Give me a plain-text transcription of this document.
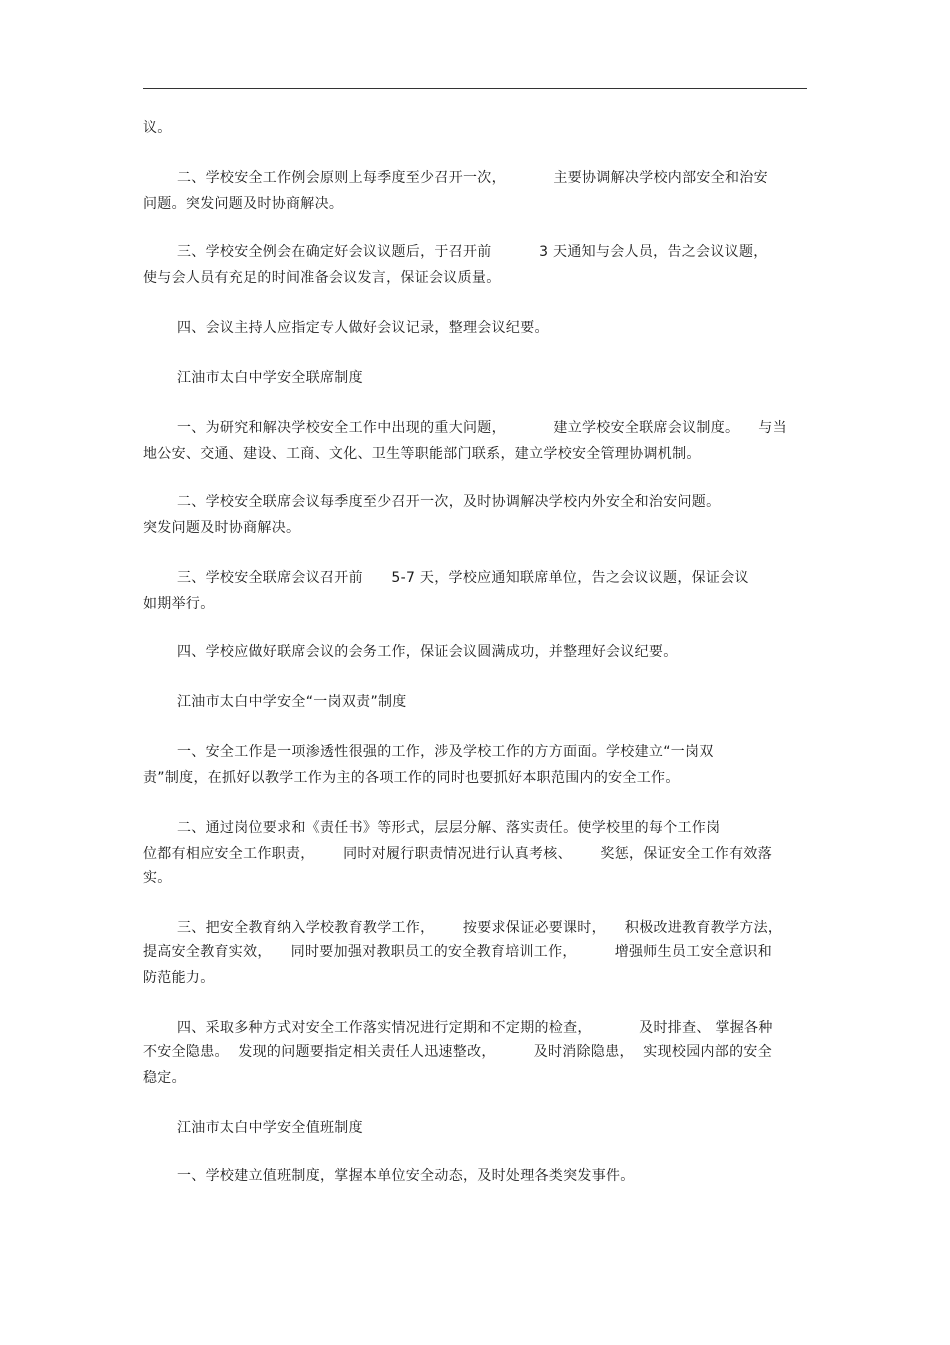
议。
二、学校安全工作例会原则上每季度至少召开一次，          主要协调解决学校内部安全和治安
问题。突发问题及时协商解决。
三、学校安全例会在确定好会议议题后，于召开前          3 天通知与会人员，告之会议议题，
使与会人员有充足的时间准备会议发言，保证会议质量。
四、会议主持人应指定专人做好会议记录，整理会议纪要。
江油市太白中学安全联席制度
一、为研究和解决学校安全工作中出现的重大问题，          建立学校安全联席会议制度。    与当
地公安、交通、建设、工商、文化、卫生等职能部门联系，建立学校安全管理协调机制。
二、学校安全联席会议每季度至少召开一次，及时协调解决学校内外安全和治安问题。
突发问题及时协商解决。
三、学校安全联席会议召开前      5-7 天，学校应通知联席单位，告之会议议题，保证会议
如期举行。
四、学校应做好联席会议的会务工作，保证会议圆满成功，并整理好会议纪要。
江油市太白中学安全“一岗双责”制度
一、安全工作是一项渗透性很强的工作，涉及学校工作的方方面面。学校建立“一岗双
责”制度，在抓好以教学工作为主的各项工作的同时也要抓好本职范围内的安全工作。
二、通过岗位要求和《责任书》等形式，层层分解、落实责任。使学校里的每个工作岗
位都有相应安全工作职责，      同时对履行职责情况进行认真考核、      奖惩，保证安全工作有效落
实。
三、把安全教育纳入学校教育教学工作，      按要求保证必要课时，    积极改进教育教学方法，
提高安全教育实效，    同时要加强对教职员工的安全教育培训工作，        增强师生员工安全意识和
防范能力。
四、采取多种方式对安全工作落实情况进行定期和不定期的检查，          及时排查、 掌握各种
不安全隐患。  发现的问题要指定相关责任人迅速整改，        及时消除隐患，  实现校园内部的安全
稳定。
江油市太白中学安全值班制度
一、学校建立值班制度，掌握本单位安全动态，及时处理各类突发事件。
